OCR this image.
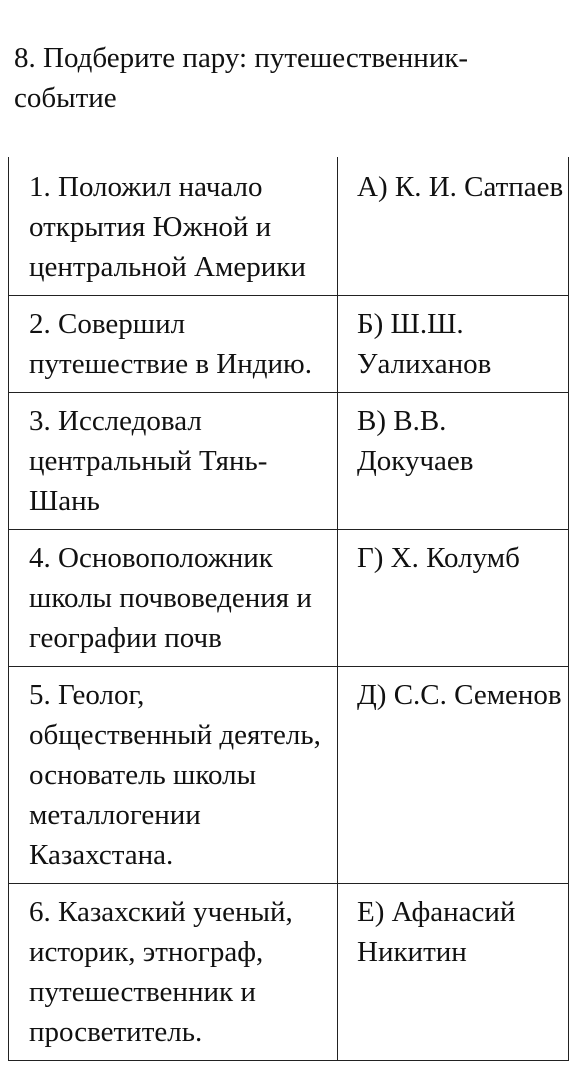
8. Подберите пару: путешественник-событие

1. Положил начало открытия Южной и центральной Америки	А) К. И. Сатпаев
2. Совершил путешествие в Индию.	Б) Ш.Ш. Уалиханов
3. Исследовал центральный Тянь-Шань	В) В.В. Докучаев
4. Основоположник школы почвоведения и географии почв	Г) Х. Колумб
5. Геолог, общественный деятель, основатель школы металлогении Казахстана.	Д) С.С. Семенов
6. Казахский ученый, историк, этнограф, путешественник и просветитель.	Е) Афанасий Никитин
